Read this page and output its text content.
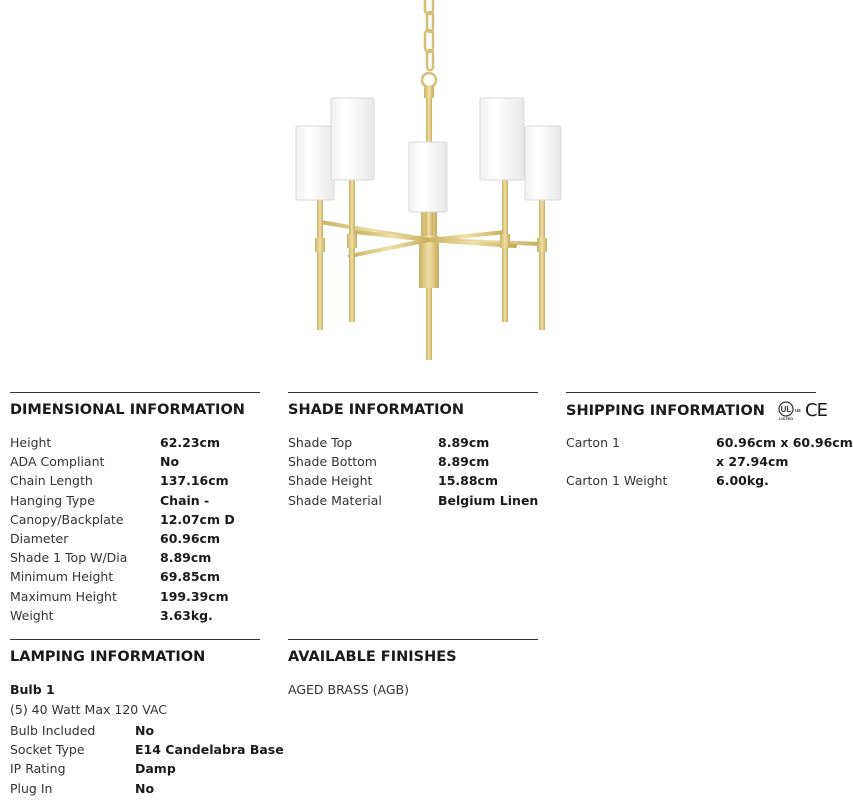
DIMENSIONAL INFORMATION
Height	62.23cm
ADA Compliant	No
Chain Length	137.16cm
Hanging Type	Chain -
Canopy/Backplate	12.07cm D
Diameter	60.96cm
Shade 1 Top W/Dia	8.89cm
Minimum Height	69.85cm
Maximum Height	199.39cm
Weight	3.63kg.
SHADE INFORMATION
Shade Top	8.89cm
Shade Bottom	8.89cm
Shade Height	15.88cm
Shade Material	Belgium Linen
SHIPPING INFORMATION UL
LISTED
us CE
Carton 1	60.96cm x 60.96cm
x 27.94cm
Carton 1 Weight	6.00kg.
LAMPING INFORMATION
Bulb 1
(5) 40 Watt Max 120 VAC
Bulb Included	No
Socket Type	E14 Candelabra Base
IP Rating	Damp
Plug In	No
AVAILABLE FINISHES
AGED BRASS (AGB)
